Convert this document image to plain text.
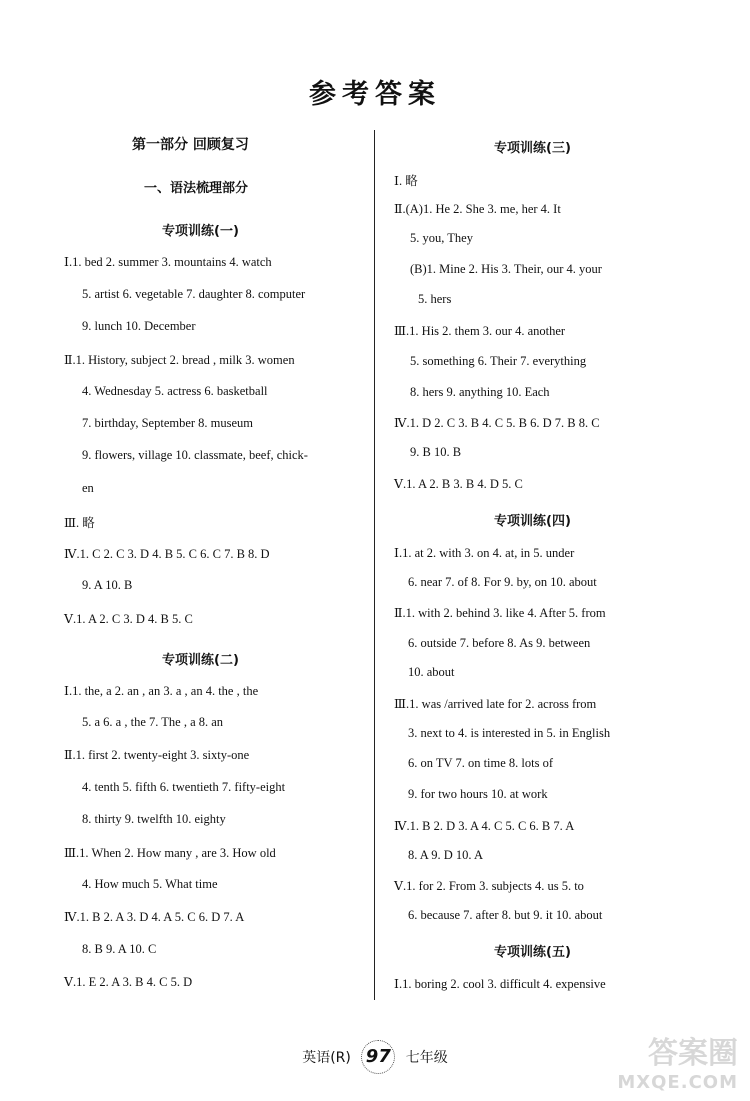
参考答案
第一部分 回顾复习
一、语法梳理部分
专项训练(一)
Ⅰ.1. bed 2. summer 3. mountains 4. watch
5. artist 6. vegetable 7. daughter 8. computer
9. lunch 10. December
Ⅱ.1. History, subject 2. bread , milk 3. women
4. Wednesday 5. actress 6. basketball
7. birthday, September 8. museum
9. flowers, village 10. classmate, beef, chick-
en
Ⅲ. 略
Ⅳ.1. C 2. C 3. D 4. B 5. C 6. C 7. B 8. D
9. A 10. B
Ⅴ.1. A 2. C 3. D 4. B 5. C
专项训练(二)
Ⅰ.1. the, a 2. an , an 3. a , an 4. the , the
5. a 6. a , the 7. The , a 8. an
Ⅱ.1. first 2. twenty-eight 3. sixty-one
4. tenth 5. fifth 6. twentieth 7. fifty-eight
8. thirty 9. twelfth 10. eighty
Ⅲ.1. When 2. How many , are 3. How old
4. How much 5. What time
Ⅳ.1. B 2. A 3. D 4. A 5. C 6. D 7. A
8. B 9. A 10. C
Ⅴ.1. E 2. A 3. B 4. C 5. D
专项训练(三)
Ⅰ. 略
Ⅱ.(A)1. He 2. She 3. me, her 4. It
5. you, They
(B)1. Mine 2. His 3. Their, our 4. your
5. hers
Ⅲ.1. His 2. them 3. our 4. another
5. something 6. Their 7. everything
8. hers 9. anything 10. Each
Ⅳ.1. D 2. C 3. B 4. C 5. B 6. D 7. B 8. C
9. B 10. B
Ⅴ.1. A 2. B 3. B 4. D 5. C
专项训练(四)
Ⅰ.1. at 2. with 3. on 4. at, in 5. under
6. near 7. of 8. For 9. by, on 10. about
Ⅱ.1. with 2. behind 3. like 4. After 5. from
6. outside 7. before 8. As 9. between
10. about
Ⅲ.1. was /arrived late for 2. across from
3. next to 4. is interested in 5. in English
6. on TV 7. on time 8. lots of
9. for two hours 10. at work
Ⅳ.1. B 2. D 3. A 4. C 5. C 6. B 7. A
8. A 9. D 10. A
Ⅴ.1. for 2. From 3. subjects 4. us 5. to
6. because 7. after 8. but 9. it 10. about
专项训练(五)
Ⅰ.1. boring 2. cool 3. difficult 4. expensive
英语(R) 97 七年级	答案圈
MXQE.COM
